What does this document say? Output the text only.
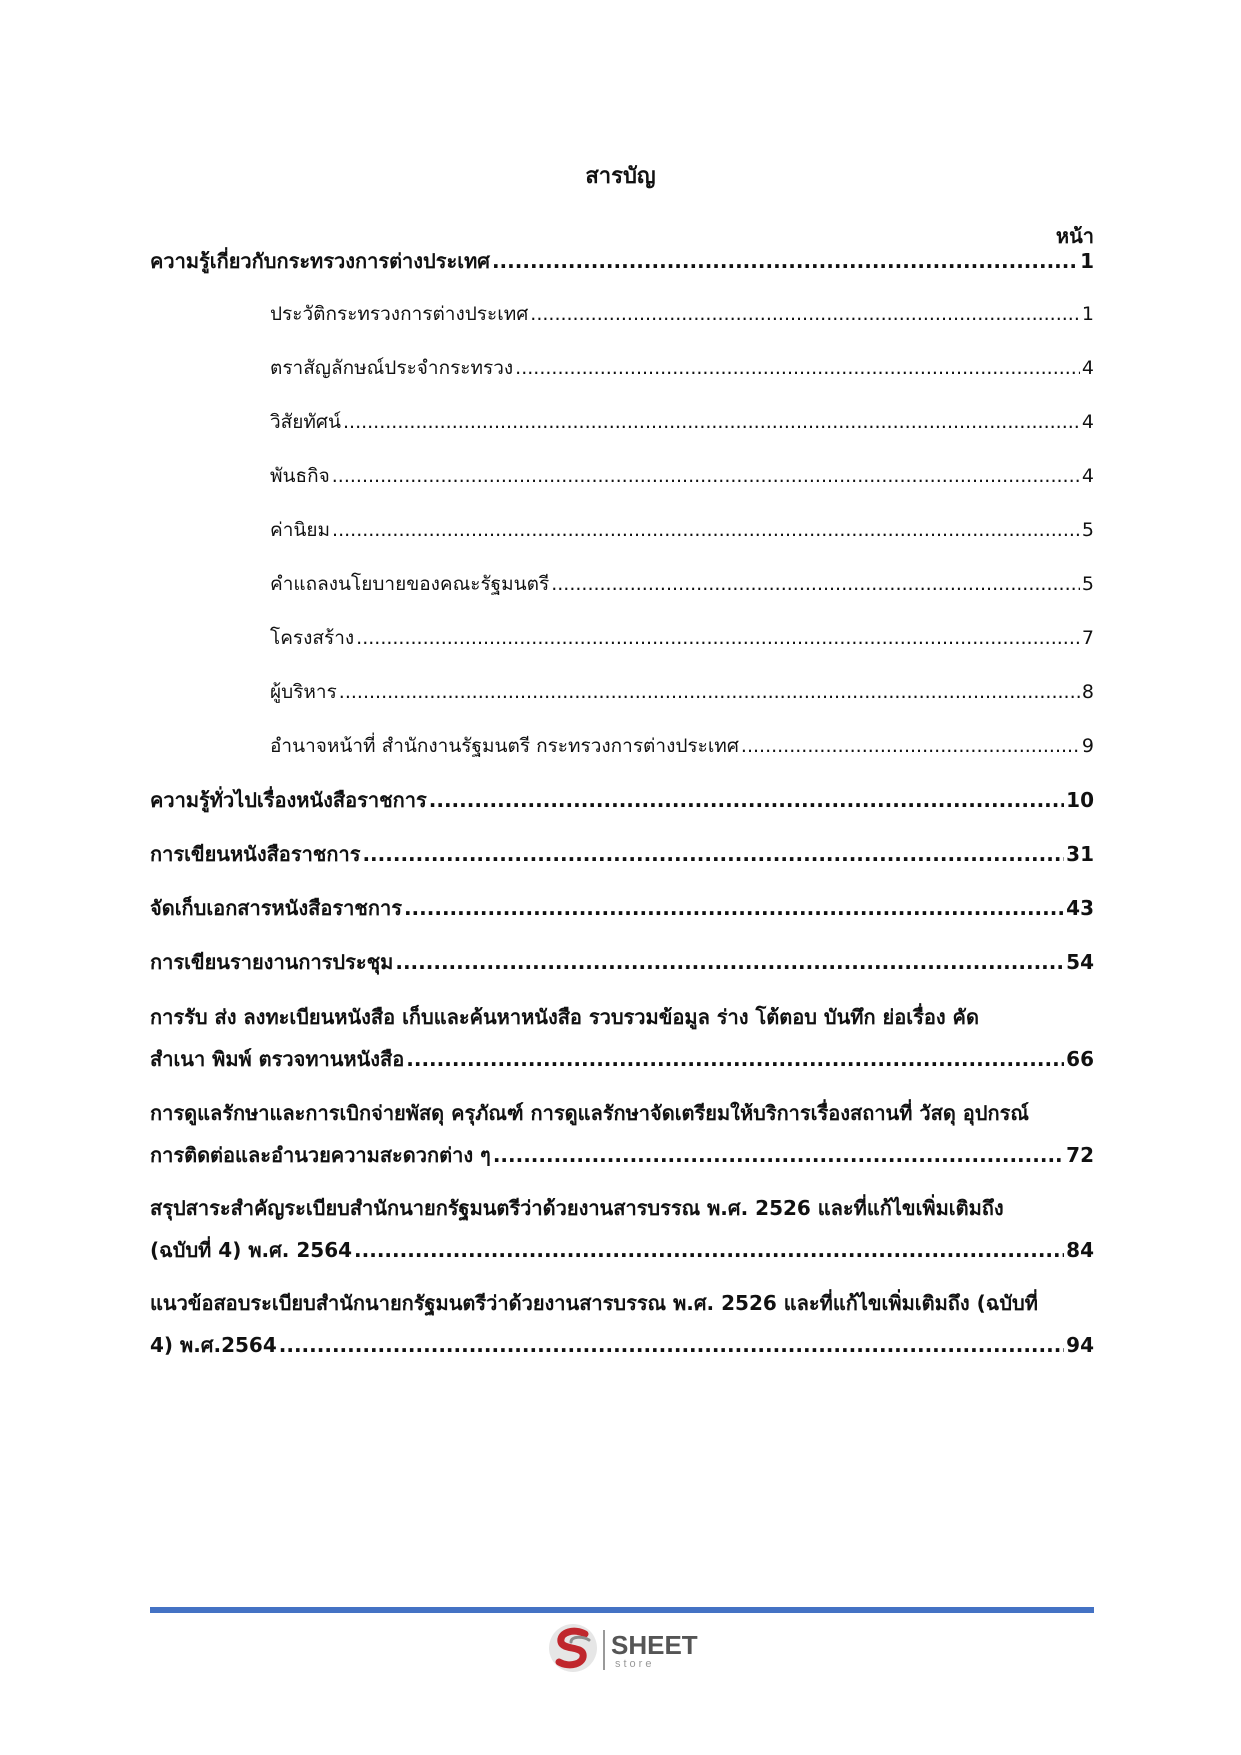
สารบัญ
หน้า
ความรู้เกี่ยวกับกระทรวงการต่างประเทศ .....	1
ประวัติกระทรวงการต่างประเทศ .....	1
ตราสัญลักษณ์ประจำกระทรวง .....	4
วิสัยทัศน์ .....	4
พันธกิจ .....	4
ค่านิยม .....	5
คำแถลงนโยบายของคณะรัฐมนตรี .....	5
โครงสร้าง .....	7
ผู้บริหาร .....	8
อำนาจหน้าที่ สำนักงานรัฐมนตรี กระทรวงการต่างประเทศ .....	9
ความรู้ทั่วไปเรื่องหนังสือราชการ .....	10
การเขียนหนังสือราชการ .....	31
จัดเก็บเอกสารหนังสือราชการ .....	43
การเขียนรายงานการประชุม .....	54
การรับ ส่ง ลงทะเบียนหนังสือ เก็บและค้นหาหนังสือ รวบรวมข้อมูล ร่าง โต้ตอบ บันทึก ย่อเรื่อง คัด
สำเนา พิมพ์ ตรวจทานหนังสือ .....	66
การดูแลรักษาและการเบิกจ่ายพัสดุ ครุภัณฑ์ การดูแลรักษาจัดเตรียมให้บริการเรื่องสถานที่ วัสดุ อุปกรณ์
การติดต่อและอำนวยความสะดวกต่าง ๆ .....	72
สรุปสาระสำคัญระเบียบสำนักนายกรัฐมนตรีว่าด้วยงานสารบรรณ พ.ศ. 2526 และที่แก้ไขเพิ่มเติมถึง
(ฉบับที่ 4) พ.ศ. 2564 .....	84
แนวข้อสอบระเบียบสำนักนายกรัฐมนตรีว่าด้วยงานสารบรรณ พ.ศ. 2526 และที่แก้ไขเพิ่มเติมถึง (ฉบับที่
4) พ.ศ.2564 .....	94
SHEET
store
